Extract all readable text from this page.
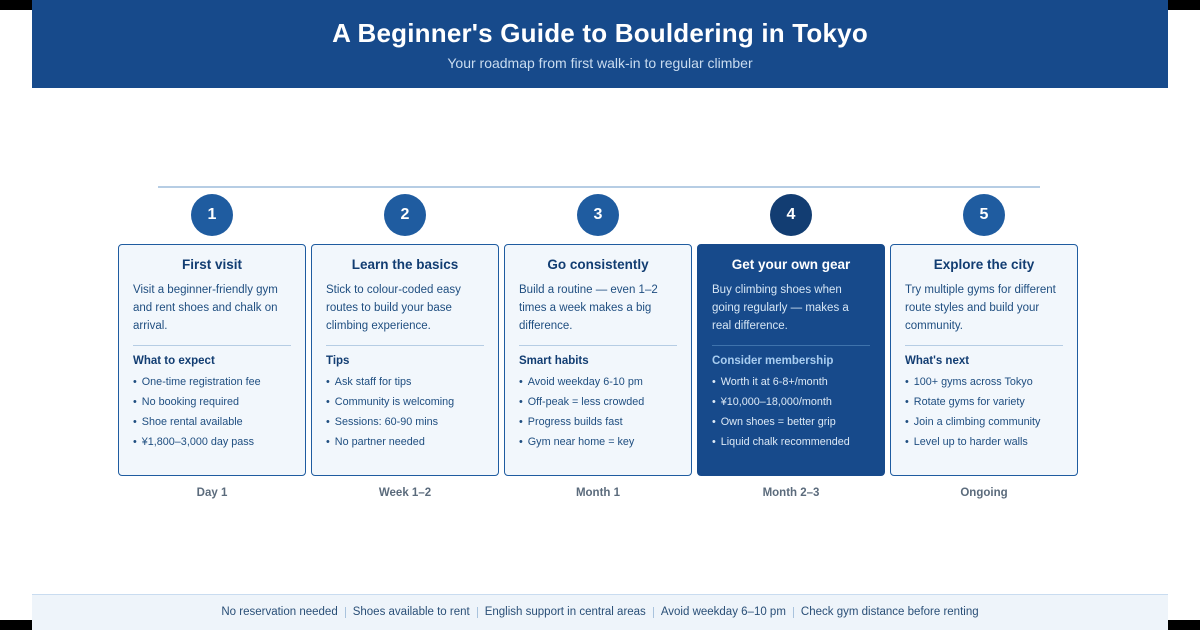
A Beginner's Guide to Bouldering in Tokyo
Your roadmap from first walk-in to regular climber
1
First visit
Visit a beginner-friendly gym and rent shoes and chalk on arrival.
What to expect
• One-time registration fee
• No booking required
• Shoe rental available
• ¥1,800–3,000 day pass
Day 1
2
Learn the basics
Stick to colour-coded easy routes to build your base climbing experience.
Tips
• Ask staff for tips
• Community is welcoming
• Sessions: 60-90 mins
• No partner needed
Week 1–2
3
Go consistently
Build a routine — even 1–2 times a week makes a big difference.
Smart habits
• Avoid weekday 6-10 pm
• Off-peak = less crowded
• Progress builds fast
• Gym near home = key
Month 1
4
Get your own gear
Buy climbing shoes when going regularly — makes a real difference.
Consider membership
• Worth it at 6-8+/month
• ¥10,000–18,000/month
• Own shoes = better grip
• Liquid chalk recommended
Month 2–3
5
Explore the city
Try multiple gyms for different route styles and build your community.
What's next
• 100+ gyms across Tokyo
• Rotate gyms for variety
• Join a climbing community
• Level up to harder walls
Ongoing
No reservation needed	Shoes available to rent	English support in central areas	Avoid weekday 6–10 pm	Check gym distance before renting
